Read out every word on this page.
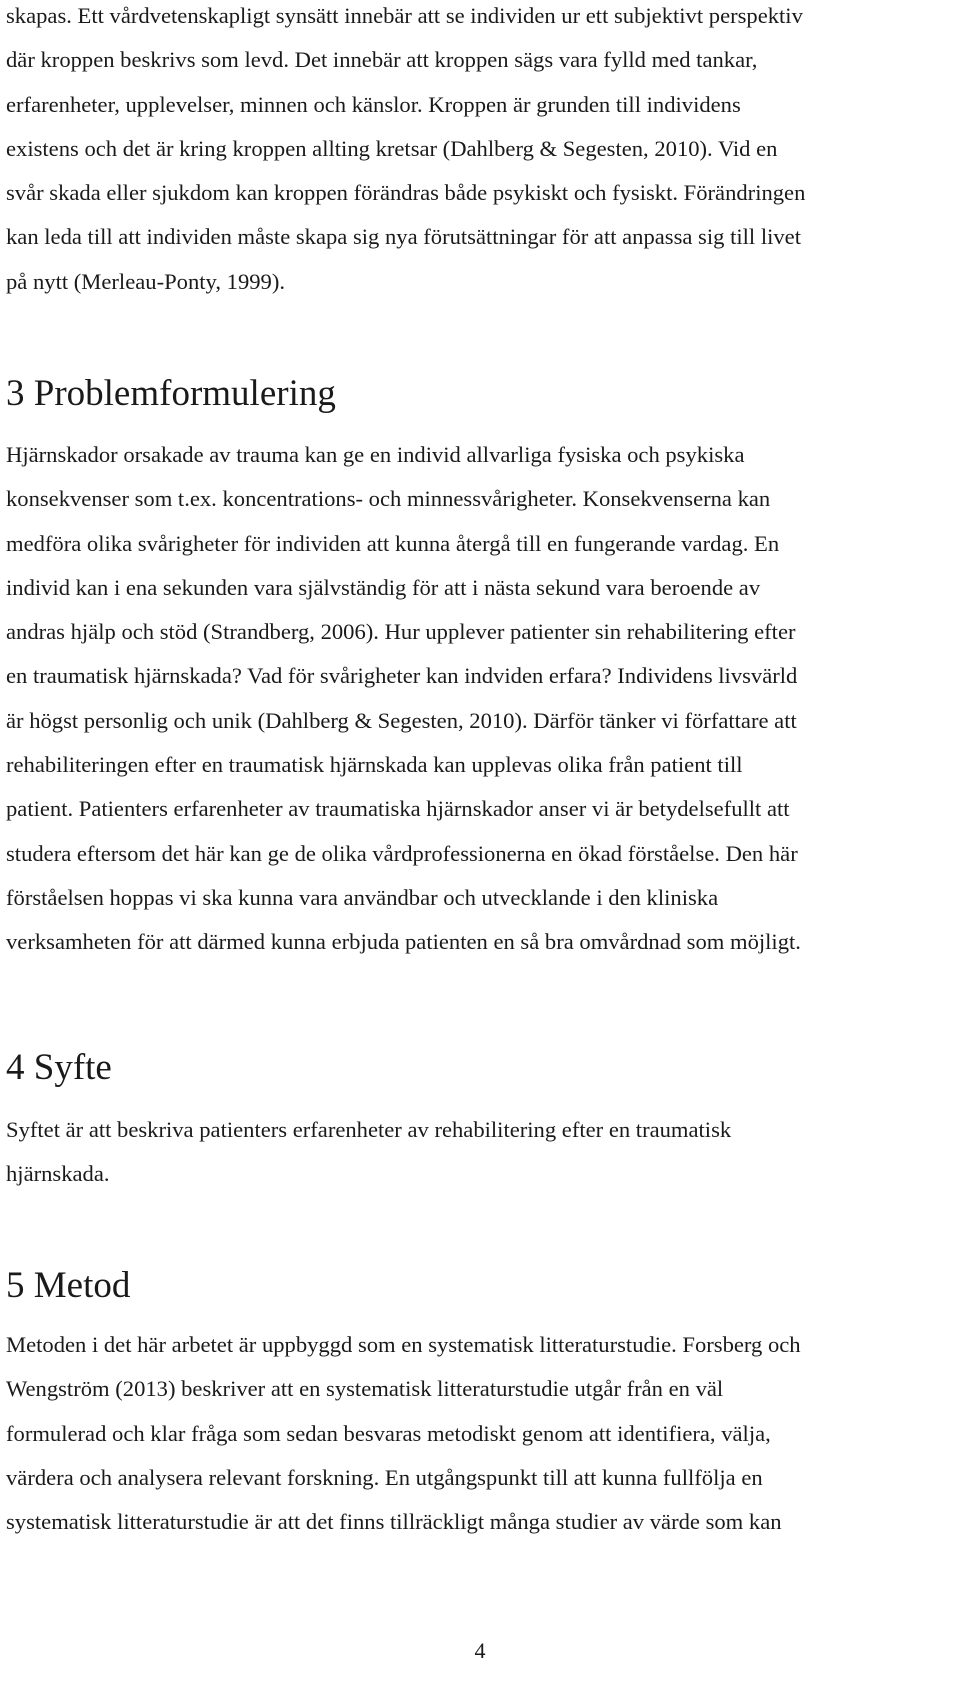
skapas. Ett vårdvetenskapligt synsätt innebär att se individen ur ett subjektivt perspektiv
där kroppen beskrivs som levd. Det innebär att kroppen sägs vara fylld med tankar,
erfarenheter, upplevelser, minnen och känslor. Kroppen är grunden till individens
existens och det är kring kroppen allting kretsar (Dahlberg & Segesten, 2010). Vid en
svår skada eller sjukdom kan kroppen förändras både psykiskt och fysiskt. Förändringen
kan leda till att individen måste skapa sig nya förutsättningar för att anpassa sig till livet
på nytt (Merleau-Ponty, 1999).

3 Problemformulering

Hjärnskador orsakade av trauma kan ge en individ allvarliga fysiska och psykiska
konsekvenser som t.ex. koncentrations- och minnessvårigheter. Konsekvenserna kan
medföra olika svårigheter för individen att kunna återgå till en fungerande vardag. En
individ kan i ena sekunden vara självständig för att i nästa sekund vara beroende av
andras hjälp och stöd (Strandberg, 2006). Hur upplever patienter sin rehabilitering efter
en traumatisk hjärnskada? Vad för svårigheter kan indviden erfara? Individens livsvärld
är högst personlig och unik (Dahlberg & Segesten, 2010). Därför tänker vi författare att
rehabiliteringen efter en traumatisk hjärnskada kan upplevas olika från patient till
patient. Patienters erfarenheter av traumatiska hjärnskador anser vi är betydelsefullt att
studera eftersom det här kan ge de olika vårdprofessionerna en ökad förståelse. Den här
förståelsen hoppas vi ska kunna vara användbar och utvecklande i den kliniska
verksamheten för att därmed kunna erbjuda patienten en så bra omvårdnad som möjligt.

4 Syfte

Syftet är att beskriva patienters erfarenheter av rehabilitering efter en traumatisk
hjärnskada.

5 Metod

Metoden i det här arbetet är uppbyggd som en systematisk litteraturstudie. Forsberg och
Wengström (2013) beskriver att en systematisk litteraturstudie utgår från en väl
formulerad och klar fråga som sedan besvaras metodiskt genom att identifiera, välja,
värdera och analysera relevant forskning. En utgångspunkt till att kunna fullfölja en
systematisk litteraturstudie är att det finns tillräckligt många studier av värde som kan

4
